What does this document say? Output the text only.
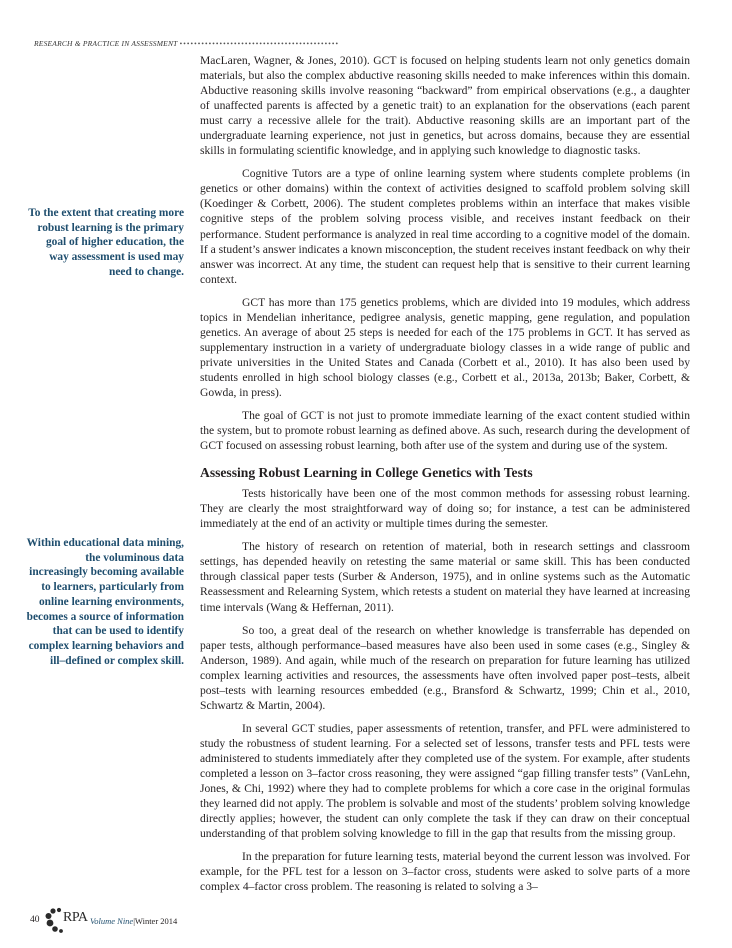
RESEARCH & PRACTICE IN ASSESSMENT ••••••••••••••••••••••••••••••••••••••••••••
To the extent that creating more robust learning is the primary goal of higher education, the way assessment is used may need to change.
Within educational data mining, the voluminous data increasingly becoming available to learners, particularly from online learning environments, becomes a source of information that can be used to identify complex learning behaviors and ill–defined or complex skill.

MacLaren, Wagner, & Jones, 2010). GCT is focused on helping students learn not only genetics domain materials, but also the complex abductive reasoning skills needed to make inferences within this domain. Abductive reasoning skills involve reasoning “backward” from empirical observations (e.g., a daughter of unaffected parents is affected by a genetic trait) to an explanation for the observations (each parent must carry a recessive allele for the trait). Abductive reasoning skills are an important part of the undergraduate learning experience, not just in genetics, but across domains, because they are essential skills in formulating scientific knowledge, and in applying such knowledge to diagnostic tasks.

Cognitive Tutors are a type of online learning system where students complete problems (in genetics or other domains) within the context of activities designed to scaffold problem solving skill (Koedinger & Corbett, 2006). The student completes problems within an interface that makes visible cognitive steps of the problem solving process visible, and receives instant feedback on their performance. Student performance is analyzed in real time according to a cognitive model of the domain. If a student’s answer indicates a known misconception, the student receives instant feedback on why their answer was incorrect. At any time, the student can request help that is sensitive to their current learning context.

GCT has more than 175 genetics problems, which are divided into 19 modules, which address topics in Mendelian inheritance, pedigree analysis, genetic mapping, gene regulation, and population genetics. An average of about 25 steps is needed for each of the 175 problems in GCT. It has served as supplementary instruction in a variety of undergraduate biology classes in a wide range of public and private universities in the United States and Canada (Corbett et al., 2010). It has also been used by students enrolled in high school biology classes (e.g., Corbett et al., 2013a, 2013b; Baker, Corbett, & Gowda, in press).

The goal of GCT is not just to promote immediate learning of the exact content studied within the system, but to promote robust learning as defined above. As such, research during the development of GCT focused on assessing robust learning, both after use of the system and during use of the system.

Assessing Robust Learning in College Genetics with Tests

Tests historically have been one of the most common methods for assessing robust learning. They are clearly the most straightforward way of doing so; for instance, a test can be administered immediately at the end of an activity or multiple times during the semester.

The history of research on retention of material, both in research settings and classroom settings, has depended heavily on retesting the same material or same skill. This has been conducted through classical paper tests (Surber & Anderson, 1975), and in online systems such as the Automatic Reassessment and Relearning System, which retests a student on material they have learned at increasing time intervals (Wang & Heffernan, 2011).

So too, a great deal of the research on whether knowledge is transferrable has depended on paper tests, although performance–based measures have also been used in some cases (e.g., Singley & Anderson, 1989). And again, while much of the research on preparation for future learning has utilized complex learning activities and resources, the assessments have often involved paper post–tests, albeit post–tests with learning resources embedded (e.g., Bransford & Schwartz, 1999; Chin et al., 2010, Schwartz & Martin, 2004).

In several GCT studies, paper assessments of retention, transfer, and PFL were administered to study the robustness of student learning. For a selected set of lessons, transfer tests and PFL tests were administered to students immediately after they completed use of the system. For example, after students completed a lesson on 3–factor cross reasoning, they were assigned “gap filling transfer tests” (VanLehn, Jones, & Chi, 1992) where they had to complete problems for which a core case in the original formulas they learned did not apply. The problem is solvable and most of the students’ problem solving knowledge directly applies; however, the student can only complete the task if they can draw on their conceptual understanding of that problem solving knowledge to fill in the gap that results from the missing group.

In the preparation for future learning tests, material beyond the current lesson was involved. For example, for the PFL test for a lesson on 3–factor cross, students were asked to solve parts of a more complex 4–factor cross problem. The reasoning is related to solving a 3–

40 RPA Volume Nine|Winter 2014
